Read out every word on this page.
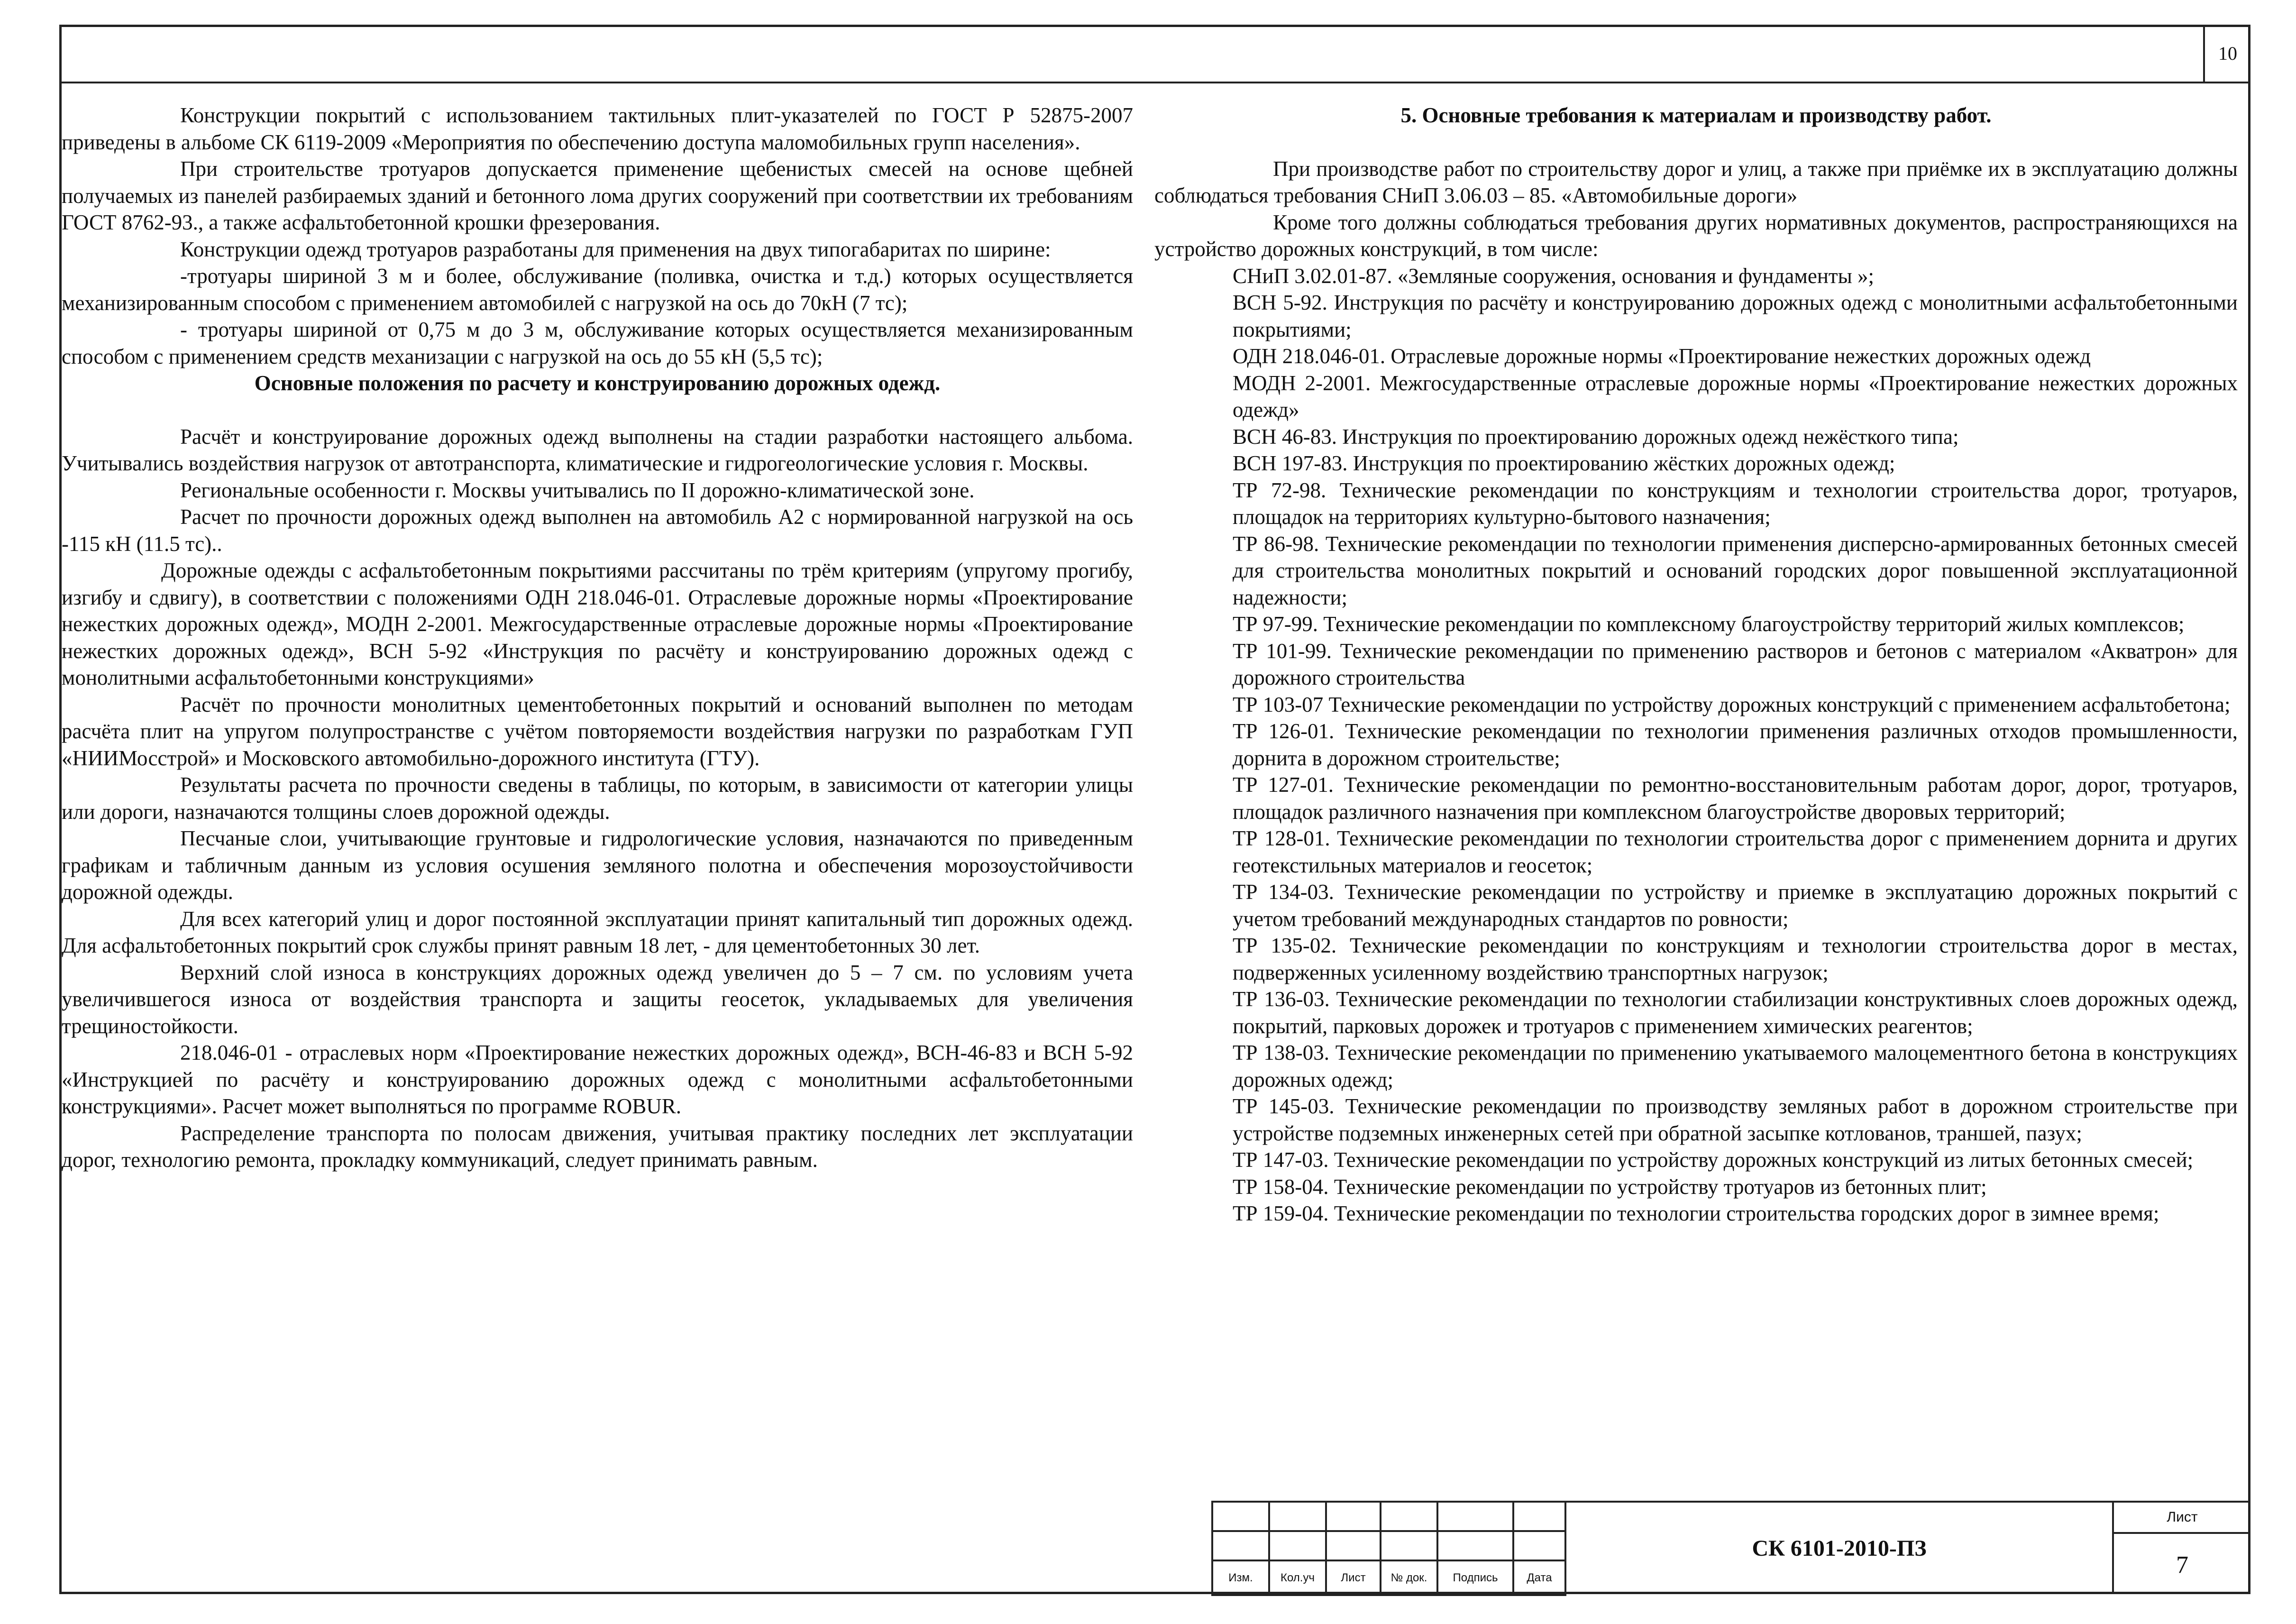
10

Конструкции покрытий с использованием тактильных плит-указателей по ГОСТ Р 52875-2007 приведены в альбоме СК 6119-2009 «Мероприятия по обеспечению доступа маломобильных групп населения».

При строительстве тротуаров допускается применение щебенистых смесей на основе щебней получаемых из панелей разбираемых зданий и бетонного лома других сооружений при соответствии их требованиям ГОСТ 8762-93., а также асфальтобетонной крошки фрезерования.

Конструкции одежд тротуаров разработаны для применения на двух типогабаритах по ширине:

-тротуары шириной 3 м и более, обслуживание (поливка, очистка и т.д.) которых осуществляется механизированным способом с применением автомобилей с нагрузкой на ось до 70кН (7 тс);

- тротуары шириной от 0,75 м до 3 м, обслуживание которых осуществляется механизированным способом с применением средств механизации с нагрузкой на ось до 55 кН (5,5 тс);

Основные положения по расчету и конструированию дорожных одежд.

Расчёт и конструирование дорожных одежд выполнены на стадии разработки настоящего альбома. Учитывались воздействия нагрузок от автотранспорта, климатические и гидрогеологические условия г. Москвы.

Региональные особенности г. Москвы учитывались по II дорожно-климатической зоне.

Расчет по прочности дорожных одежд выполнен на автомобиль А2 с нормированной нагрузкой на ось -115 кН (11.5 тс)..

Дорожные одежды с асфальтобетонным покрытиями рассчитаны по трём критериям (упругому прогибу, изгибу и сдвигу), в соответствии с положениями ОДН 218.046-01. Отраслевые дорожные нормы «Проектирование нежестких дорожных одежд», МОДН 2-2001. Межгосударственные отраслевые дорожные нормы «Проектирование нежестких дорожных одежд», ВСН 5-92 «Инструкция по расчёту и конструированию дорожных одежд с монолитными асфальтобетонными конструкциями»

Расчёт по прочности монолитных цементобетонных покрытий и оснований выполнен по методам расчёта плит на упругом полупространстве с учётом повторяемости воздействия нагрузки по разработкам ГУП «НИИМосстрой» и Московского автомобильно-дорожного института (ГТУ).

Результаты расчета по прочности сведены в таблицы, по которым, в зависимости от категории улицы или дороги, назначаются толщины слоев дорожной одежды.

Песчаные слои, учитывающие грунтовые и гидрологические условия, назначаются по приведенным графикам и табличным данным из условия осушения земляного полотна и обеспечения морозоустойчивости дорожной одежды.

Для всех категорий улиц и дорог постоянной эксплуатации принят капитальный тип дорожных одежд. Для асфальтобетонных покрытий срок службы принят равным 18 лет, - для цементобетонных 30 лет.

Верхний слой износа в конструкциях дорожных одежд увеличен до 5 – 7 см. по условиям учета увеличившегося износа от воздействия транспорта и защиты геосеток, укладываемых для увеличения трещиностойкости.

218.046-01 - отраслевых норм «Проектирование нежестких дорожных одежд», ВСН-46-83 и ВСН 5-92 «Инструкцией по расчёту и конструированию дорожных одежд с монолитными асфальтобетонными конструкциями». Расчет может выполняться по программе ROBUR.

Распределение транспорта по полосам движения, учитывая практику последних лет эксплуатации дорог, технологию ремонта, прокладку коммуникаций, следует принимать равным.

5. Основные требования к материалам и производству работ.

При производстве работ по строительству дорог и улиц, а также при приёмке их в эксплуатацию должны соблюдаться требования СНиП 3.06.03 – 85. «Автомобильные дороги»

Кроме того должны соблюдаться требования других нормативных документов, распространяющихся на устройство дорожных конструкций, в том числе:

СНиП 3.02.01-87. «Земляные сооружения, основания и фундаменты »;

ВСН 5-92. Инструкция по расчёту и конструированию дорожных одежд с монолитными асфальтобетонными покрытиями;

ОДН 218.046-01. Отраслевые дорожные нормы «Проектирование нежестких дорожных одежд

МОДН 2-2001. Межгосударственные отраслевые дорожные нормы «Проектирование нежестких дорожных одежд»

ВСН 46-83. Инструкция по проектированию дорожных одежд нежёсткого типа;

ВСН 197-83. Инструкция по проектированию жёстких дорожных одежд;

ТР 72-98. Технические рекомендации по конструкциям и технологии строительства дорог, тротуаров, площадок на территориях культурно-бытового назначения;

ТР 86-98. Технические рекомендации по технологии применения дисперсно-армированных бетонных смесей для строительства монолитных покрытий и оснований городских дорог повышенной эксплуатационной надежности;

ТР 97-99. Технические рекомендации по комплексному благоустройству территорий жилых комплексов;

ТР 101-99. Технические рекомендации по применению растворов и бетонов с материалом «Акватрон» для дорожного строительства

ТР 103-07 Технические рекомендации по устройству дорожных конструкций с применением асфальтобетона;

ТР 126-01. Технические рекомендации по технологии применения различных отходов промышленности, дорнита в дорожном строительстве;

ТР 127-01. Технические рекомендации по ремонтно-восстановительным работам дорог, дорог, тротуаров, площадок различного назначения при комплексном благоустройстве дворовых территорий;

ТР 128-01. Технические рекомендации по технологии строительства дорог с применением дорнита и других геотекстильных материалов и геосеток;

ТР 134-03. Технические рекомендации по устройству и приемке в эксплуатацию дорожных покрытий с учетом требований международных стандартов по ровности;

ТР 135-02. Технические рекомендации по конструкциям и технологии строительства дорог в местах, подверженных усиленному воздействию транспортных нагрузок;

ТР 136-03. Технические рекомендации по технологии стабилизации конструктивных слоев дорожных одежд, покрытий, парковых дорожек и тротуаров с применением химических реагентов;

ТР 138-03. Технические рекомендации по применению укатываемого малоцементного бетона в конструкциях дорожных одежд;

ТР 145-03. Технические рекомендации по производству земляных работ в дорожном строительстве при устройстве подземных инженерных сетей при обратной засыпке котлованов, траншей, пазух;

ТР 147-03. Технические рекомендации по устройству дорожных конструкций из литых бетонных смесей;

ТР 158-04. Технические рекомендации по устройству тротуаров из бетонных плит;

ТР 159-04. Технические рекомендации по технологии строительства городских дорог в зимнее время;

Изм.	Кол.уч	Лист	№ док.	Подпись	Дата
СК 6101-2010-ПЗ
Лист
7
